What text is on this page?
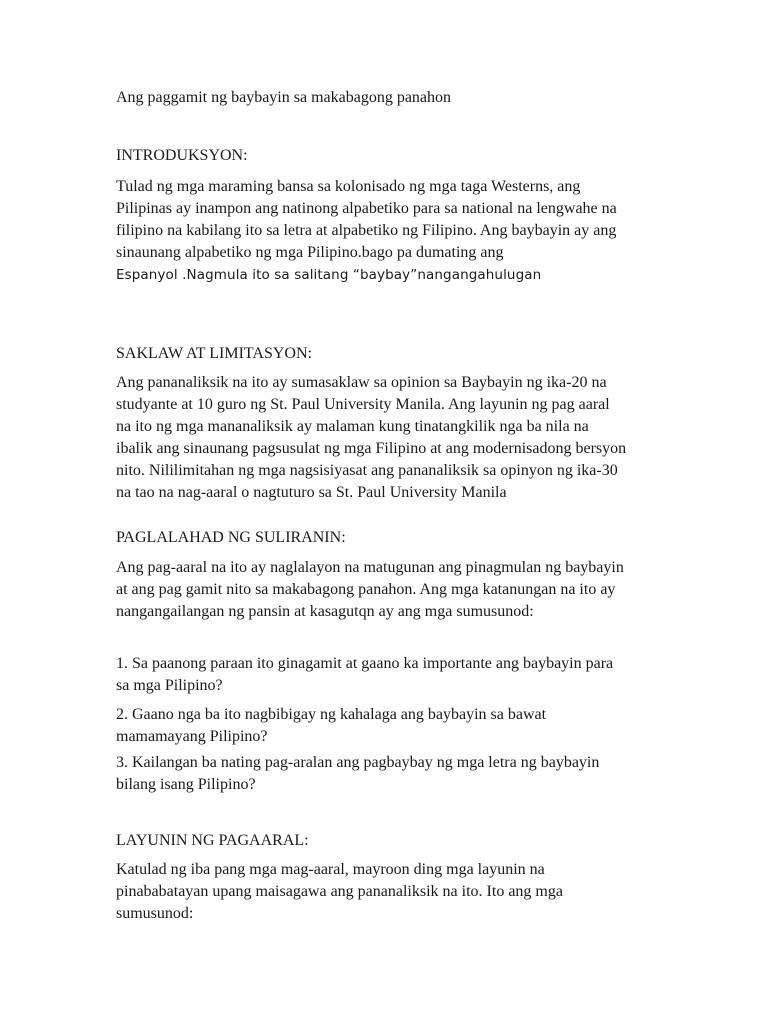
Ang paggamit ng baybayin sa makabagong panahon
INTRODUKSYON:

Tulad ng mga maraming bansa sa kolonisado ng mga taga Westerns, ang
Pilipinas ay inampon ang natinong alpabetiko para sa national na lengwahe na
filipino na kabilang ito sa letra at alpabetiko ng Filipino. Ang baybayin ay ang
sinaunang alpabetiko ng mga Pilipino.bago pa dumating ang
Espanyol .Nagmula ito sa salitang “baybay”nangangahulugan

SAKLAW AT LIMITASYON:

Ang pananaliksik na ito ay sumasaklaw sa opinion sa Baybayin ng ika-20 na
studyante at 10 guro ng St. Paul University Manila. Ang layunin ng pag aaral
na ito ng mga mananaliksik ay malaman kung tinatangkilik nga ba nila na
ibalik ang sinaunang pagsusulat ng mga Filipino at ang modernisadong bersyon
nito. Nililimitahan ng mga nagsisiyasat ang pananaliksik sa opinyon ng ika-30
na tao na nag-aaral o nagtuturo sa St. Paul University Manila

PAGLALAHAD NG SULIRANIN:

Ang pag-aaral na ito ay naglalayon na matugunan ang pinagmulan ng baybayin
at ang pag gamit nito sa makabagong panahon. Ang mga katanungan na ito ay
nangangailangan ng pansin at kasagutqn ay ang mga sumusunod:

1. Sa paanong paraan ito ginagamit at gaano ka importante ang baybayin para
sa mga Pilipino?

2. Gaano nga ba ito nagbibigay ng kahalaga ang baybayin sa bawat
mamamayang Pilipino?

3. Kailangan ba nating pag-aralan ang pagbaybay ng mga letra ng baybayin
bilang isang Pilipino?

LAYUNIN NG PAGAARAL:

Katulad ng iba pang mga mag-aaral, mayroon ding mga layunin na
pinababatayan upang maisagawa ang pananaliksik na ito. Ito ang mga
sumusunod:
